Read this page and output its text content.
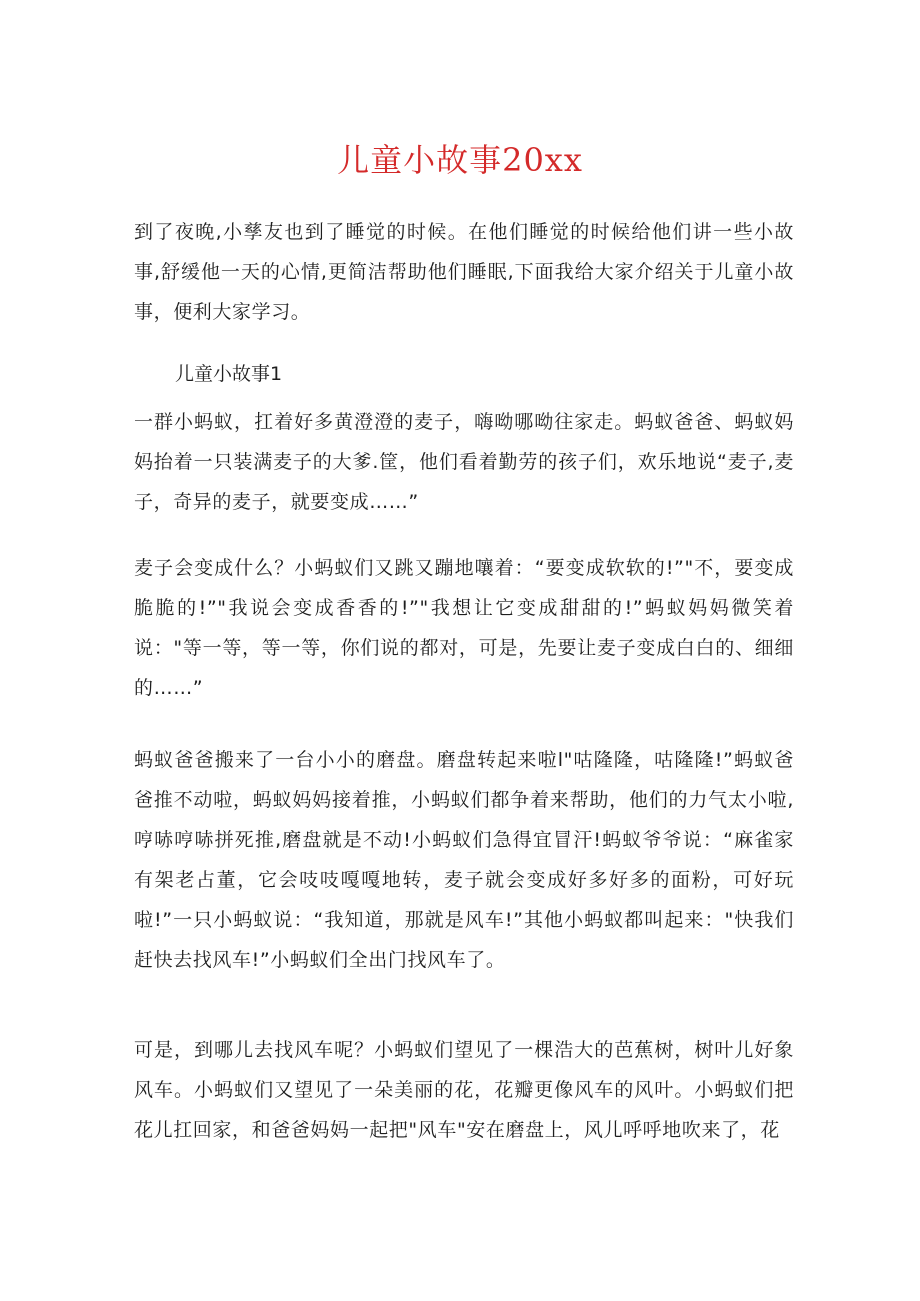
儿童小故事20xx

到了夜晚,小孳友也到了睡觉的时候。在他们睡觉的时候给他们讲一些小故事,舒缓他一天的心情,更简洁帮助他们睡眠,下面我给大家介绍关于儿童小故事，便利大家学习。

儿童小故事1

一群小蚂蚁，扛着好多黄澄澄的麦子，嗨呦哪呦往家走。蚂蚁爸爸、蚂蚁妈妈抬着一只装满麦子的大爹.筐，他们看着勤劳的孩子们，欢乐地说“麦子,麦子，奇异的麦子，就要变成……”

麦子会变成什么？小蚂蚁们又跳又蹦地嚷着：“要变成软软的!”"不，要变成脆脆的!”"我说会变成香香的!”"我想让它变成甜甜的!”蚂蚁妈妈微笑着说："等一等，等一等，你们说的都对，可是，先要让麦子变成白白的、细细的……”

蚂蚁爸爸搬来了一台小小的磨盘。磨盘转起来啦l"咕隆隆，咕隆隆!”蚂蚁爸爸推不动啦，蚂蚁妈妈接着推，小蚂蚁们都争着来帮助，他们的力气太小啦,哼哧哼哧拼死推,磨盘就是不动!小蚂蚁们急得宜冒汗!蚂蚁爷爷说：“麻雀家有架老占董，它会吱吱嘎嘎地转，麦子就会变成好多好多的面粉，可好玩啦!”一只小蚂蚁说：“我知道，那就是风车!”其他小蚂蚁都叫起来："快我们赶快去找风车!”小蚂蚁们全出门找风车了。

可是，到哪儿去找风车呢？小蚂蚁们望见了一棵浩大的芭蕉树，树叶儿好象风车。小蚂蚁们又望见了一朵美丽的花，花瓣更像风车的风叶。小蚂蚁们把花儿扛回家，和爸爸妈妈一起把"风车"安在磨盘上，风儿呼呼地吹来了，花
